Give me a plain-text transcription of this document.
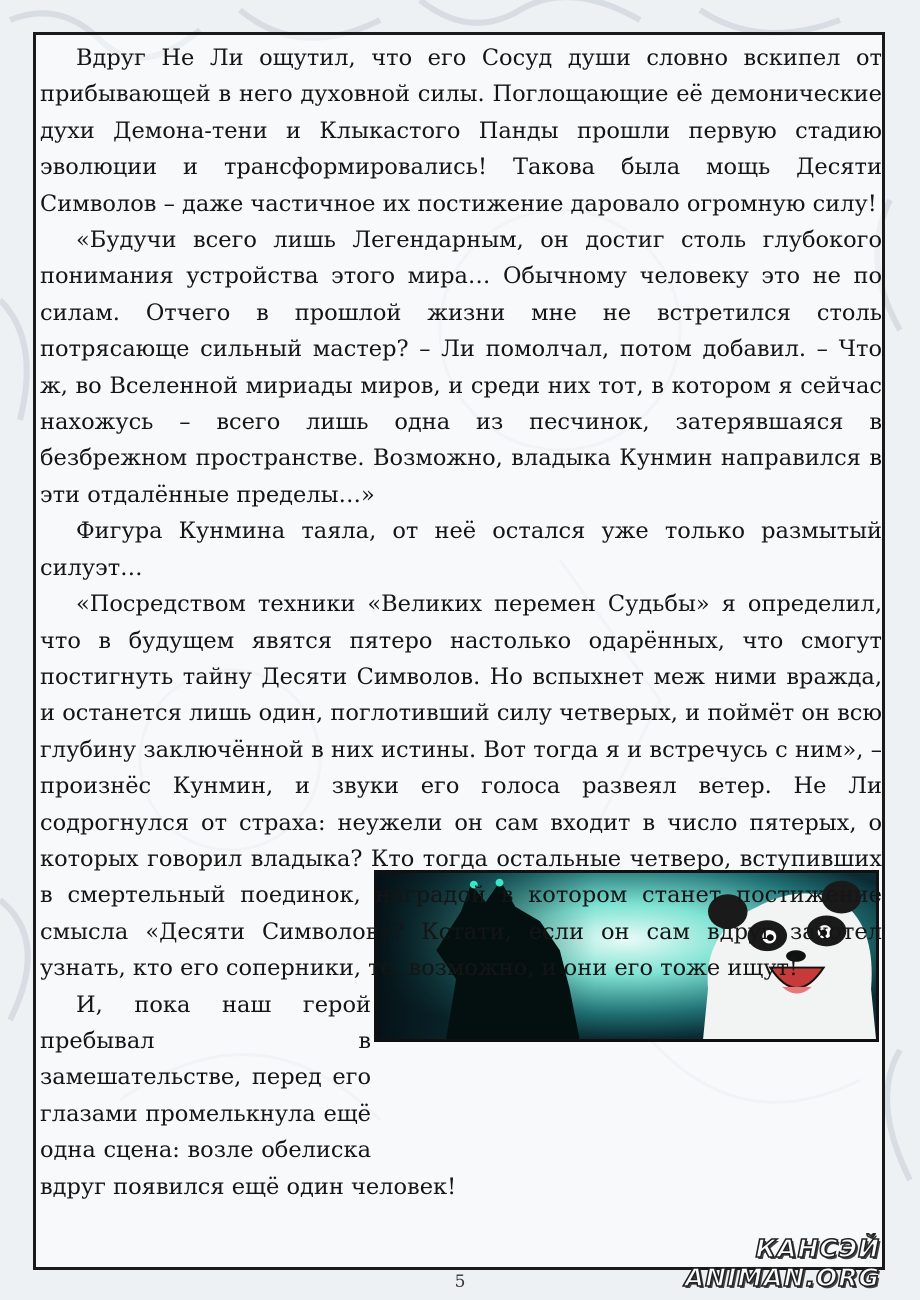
Вдруг Не Ли ощутил, что его Сосуд души словно вскипел от прибывающей в него духовной силы. Поглощающие её демонические духи Демона-тени и Клыкастого Панды прошли первую стадию эволюции и трансформировались! Такова была мощь Десяти Символов – даже частичное их постижение даровало огромную силу!

«Будучи всего лишь Легендарным, он достиг столь глубокого понимания устройства этого мира… Обычному человеку это не по силам. Отчего в прошлой жизни мне не встретился столь потрясающе сильный мастер? – Ли помолчал, потом добавил. – Что ж, во Вселенной мириады миров, и среди них тот, в котором я сейчас нахожусь – всего лишь одна из песчинок, затерявшаяся в безбрежном пространстве. Возможно, владыка Кунмин направился в эти отдалённые пределы…»

Фигура Кунмина таяла, от неё остался уже только размытый силуэт…

«Посредством техники «Великих перемен Судьбы» я определил, что в будущем явятся пятеро настолько одарённых, что смогут постигнуть тайну Десяти Символов. Но вспыхнет меж ними вражда, и останется лишь один, поглотивший силу четверых, и поймёт он всю глубину заключённой в них истины. Вот тогда я и встречусь с ним», – произнёс Кунмин, и звуки его голоса развеял ветер. Не Ли содрогнулся от страха: неужели он сам входит в число пятерых, о которых говорил владыка? Кто тогда остальные четверо, вступивших в смертельный поединок, наградой в котором станет постижение смысла «Десяти Символов»? Кстати, если он сам вдруг захотел узнать, кто его соперники, то, возможно, и они его тоже ищут!

И, пока наш герой пребывал в замешательстве, перед его глазами промелькнула ещё одна сцена: возле обелиска вдруг появился ещё один человек!

КАНСЭЙ ANIMAN.ORG
5
